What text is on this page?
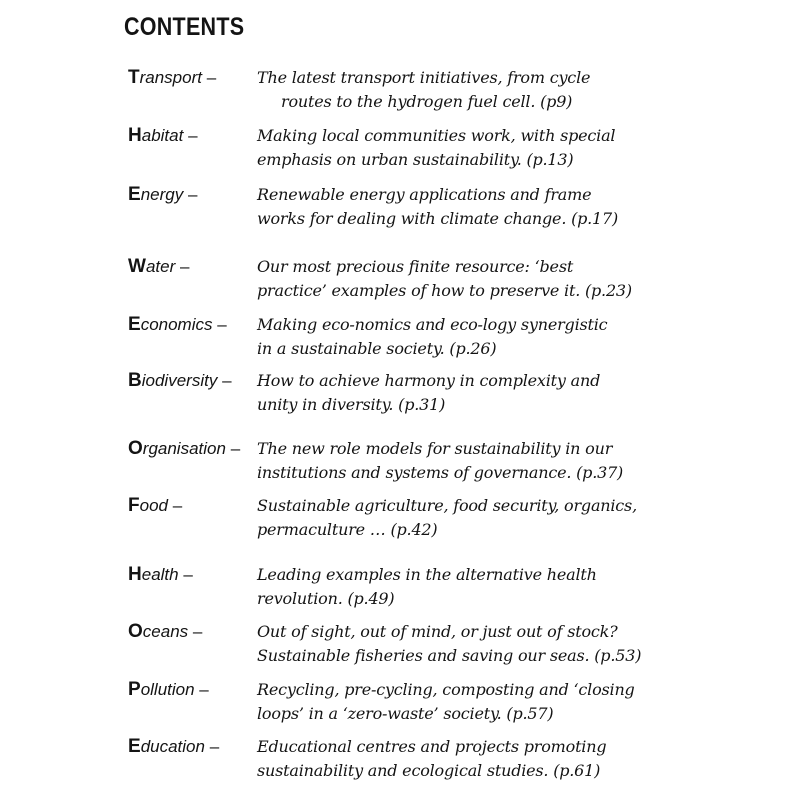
CONTENTS
Transport –	The latest transport initiatives, from cycle
routes to the hydrogen fuel cell. (p9)
Habitat –	Making local communities work, with special
emphasis on urban sustainability. (p.13)
Energy –	Renewable energy applications and frame
works for dealing with climate change. (p.17)
Water –	Our most precious finite resource: ‘best
practice’ examples of how to preserve it. (p.23)
Economics – Making eco-nomics and eco-logy synergistic
in a sustainable society. (p.26)
Biodiversity – How to achieve harmony in complexity and
unity in diversity. (p.31)
Organisation – The new role models for sustainability in our
institutions and systems of governance. (p.37)
Food –	Sustainable agriculture, food security, organics,
permaculture … (p.42)
Health –	Leading examples in the alternative health
revolution. (p.49)
Oceans –	Out of sight, out of mind, or just out of stock?
Sustainable fisheries and saving our seas. (p.53)
Pollution –	Recycling, pre-cycling, composting and ‘closing
loops’ in a ‘zero-waste’ society. (p.57)
Education – Educational centres and projects promoting
sustainability and ecological studies. (p.61)
